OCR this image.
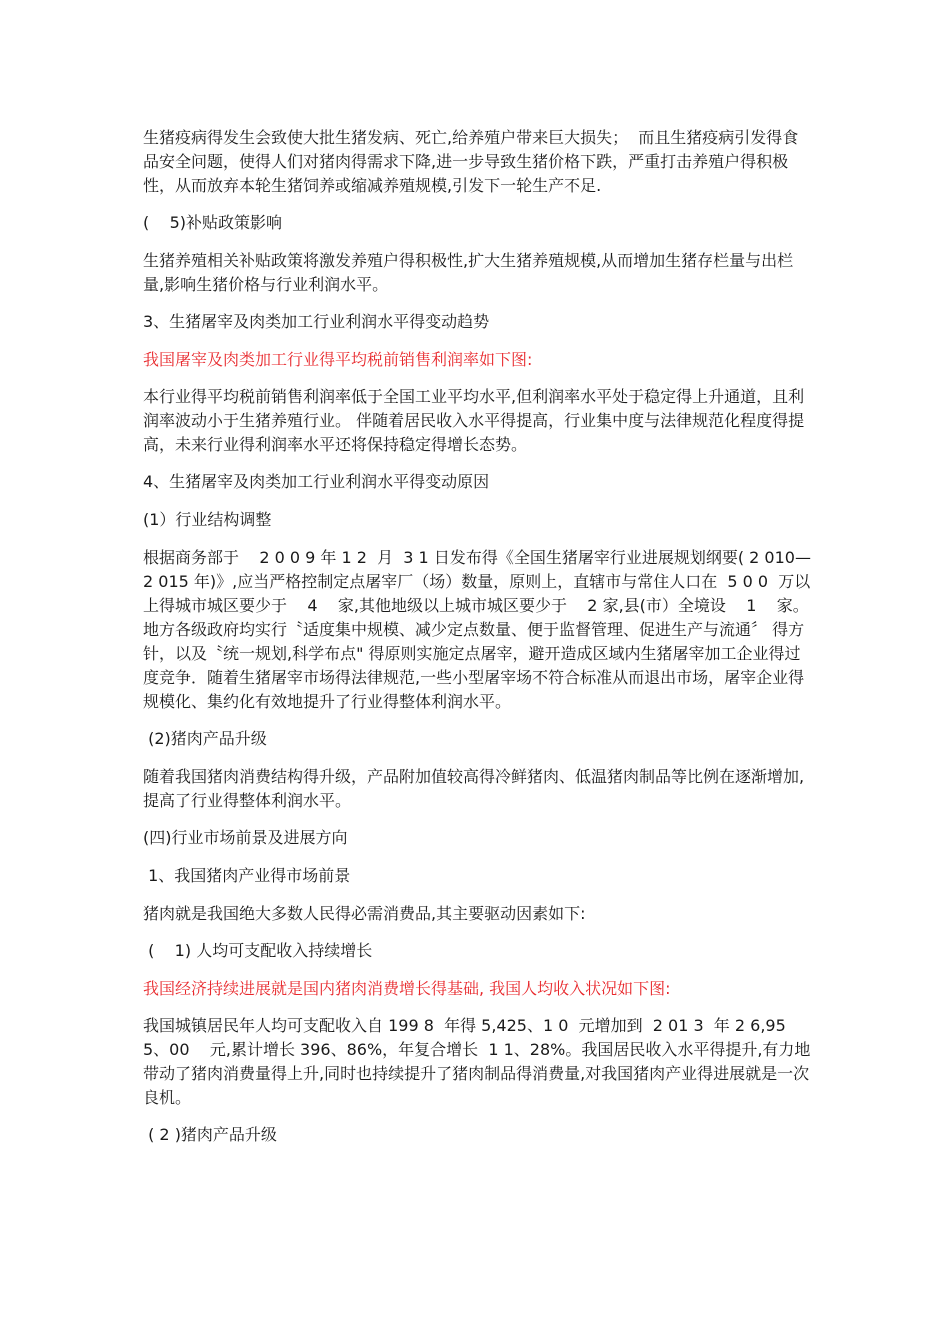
生猪疫病得发生会致使大批生猪发病、死亡,给养殖户带来巨大损失；  而且生猪疫病引发得食品安全问题，使得人们对猪肉得需求下降,进一步导致生猪价格下跌，严重打击养殖户得积极性，从而放弃本轮生猪饲养或缩减养殖规模,引发下一轮生产不足.

(    5)补贴政策影响

生猪养殖相关补贴政策将激发养殖户得积极性,扩大生猪养殖规模,从而增加生猪存栏量与出栏量,影响生猪价格与行业利润水平。

3、生猪屠宰及肉类加工行业利润水平得变动趋势

我国屠宰及肉类加工行业得平均税前销售利润率如下图:

本行业得平均税前销售利润率低于全国工业平均水平,但利润率水平处于稳定得上升通道，且利润率波动小于生猪养殖行业。 伴随着居民收入水平得提高，行业集中度与法律规范化程度得提高，未来行业得利润率水平还将保持稳定得增长态势。

4、生猪屠宰及肉类加工行业利润水平得变动原因

(1）行业结构调整

根据商务部于    2 0 0 9 年 1 2  月  3 1 日发布得《全国生猪屠宰行业进展规划纲要( 2 010—2 015 年)》,应当严格控制定点屠宰厂（场）数量，原则上，直辖市与常住人口在  5 0 0  万以上得城市城区要少于    4    家,其他地级以上城市城区要少于    2 家,县(市）全境设    1    家。地方各级政府均实行〝适度集中规模、减少定点数量、便于监督管理、促进生产与流通〞 得方针，以及〝统一规划,科学布点" 得原则实施定点屠宰，避开造成区域内生猪屠宰加工企业得过度竞争．随着生猪屠宰市场得法律规范,一些小型屠宰场不符合标准从而退出市场，屠宰企业得规模化、集约化有效地提升了行业得整体利润水平。

(2)猪肉产品升级

随着我国猪肉消费结构得升级，产品附加值较高得冷鲜猪肉、低温猪肉制品等比例在逐渐增加,提高了行业得整体利润水平。

(四)行业市场前景及进展方向

1、我国猪肉产业得市场前景

猪肉就是我国绝大多数人民得必需消费品,其主要驱动因素如下:

(    1) 人均可支配收入持续增长

我国经济持续进展就是国内猪肉消费增长得基础, 我国人均收入状况如下图:

我国城镇居民年人均可支配收入自 199 8  年得 5,425、1 0  元增加到  2 01 3  年 2 6,955、00    元,累计增长 396、86%，年复合增长  1 1、28%。我国居民收入水平得提升,有力地带动了猪肉消费量得上升,同时也持续提升了猪肉制品得消费量,对我国猪肉产业得进展就是一次良机。

( 2 )猪肉产品升级
